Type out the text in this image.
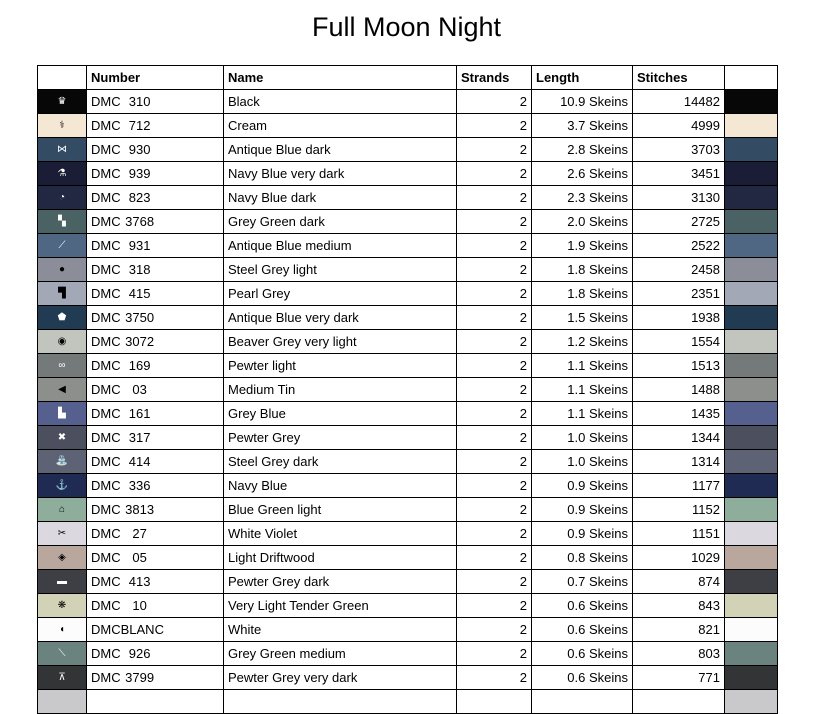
Full Moon Night
	Number	Name	Strands	Length	Stitches	
♛	DMC 310	Black	2	10.9 Skeins	14482	
⚕	DMC 712	Cream	2	3.7 Skeins	4999	
⋈	DMC 930	Antique Blue dark	2	2.8 Skeins	3703	
⚗	DMC 939	Navy Blue very dark	2	2.6 Skeins	3451	
◔	DMC 823	Navy Blue dark	2	2.3 Skeins	3130	
▚	DMC 3768	Grey Green dark	2	2.0 Skeins	2725	
⟋	DMC 931	Antique Blue medium	2	1.9 Skeins	2522	
●	DMC 318	Steel Grey light	2	1.8 Skeins	2458	
▜	DMC 415	Pearl Grey	2	1.8 Skeins	2351	
⬟	DMC 3750	Antique Blue very dark	2	1.5 Skeins	1938	
◉	DMC 3072	Beaver Grey very light	2	1.2 Skeins	1554	
∞	DMC 169	Pewter light	2	1.1 Skeins	1513	
◀	DMC 03	Medium Tin	2	1.1 Skeins	1488	
▙	DMC 161	Grey Blue	2	1.1 Skeins	1435	
✖	DMC 317	Pewter Grey	2	1.0 Skeins	1344	
⛲	DMC 414	Steel Grey dark	2	1.0 Skeins	1314	
⚓	DMC 336	Navy Blue	2	0.9 Skeins	1177	
⌂	DMC 3813	Blue Green light	2	0.9 Skeins	1152	
✂	DMC 27	White Violet	2	0.9 Skeins	1151	
◈	DMC 05	Light Driftwood	2	0.8 Skeins	1029	
▬	DMC 413	Pewter Grey dark	2	0.7 Skeins	874	
❋	DMC 10	Very Light Tender Green	2	0.6 Skeins	843	
◖	DMCBLANC	White	2	0.6 Skeins	821	
⟍	DMC 926	Grey Green medium	2	0.6 Skeins	803	
⊼	DMC 3799	Pewter Grey very dark	2	0.6 Skeins	771	
